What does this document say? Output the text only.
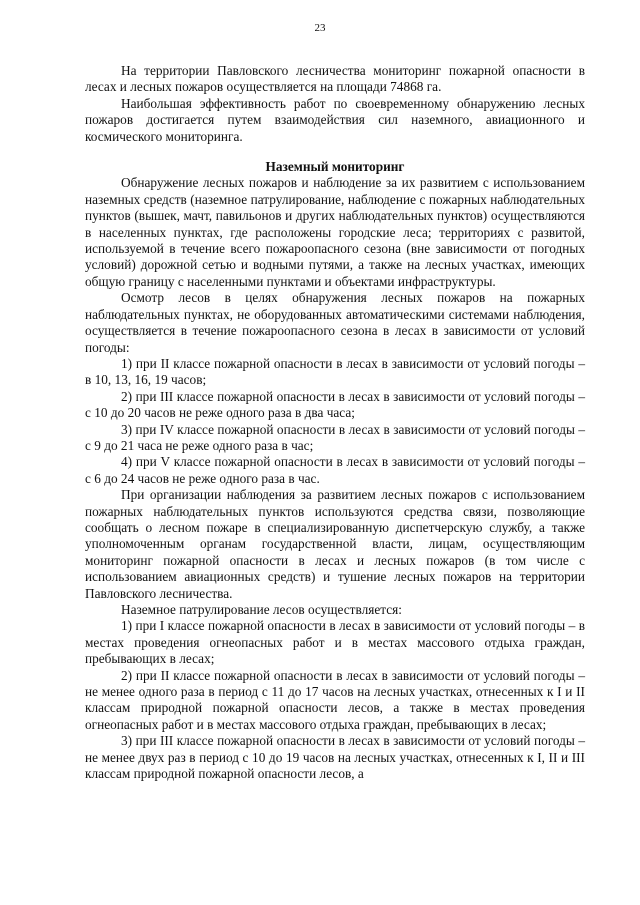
23

На территории Павловского лесничества мониторинг пожарной опасности в лесах и лесных пожаров осуществляется на площади 74868 га.

Наибольшая эффективность работ по своевременному обнаружению лесных пожаров достигается путем взаимодействия сил наземного, авиационного и космического мониторинга.

Наземный мониторинг

Обнаружение лесных пожаров и наблюдение за их развитием с использованием наземных средств (наземное патрулирование, наблюдение с пожарных наблюдательных пунктов (вышек, мачт, павильонов и других наблюдательных пунктов) осуществляются в населенных пунктах, где расположены городские леса; территориях с развитой, используемой в течение всего пожароопасного сезона (вне зависимости от погодных условий) дорожной сетью и водными путями, а также на лесных участках, имеющих общую границу с населенными пунктами и объектами инфраструктуры.

Осмотр лесов в целях обнаружения лесных пожаров на пожарных наблюдательных пунктах, не оборудованных автоматическими системами наблюдения, осуществляется в течение пожароопасного сезона в лесах в зависимости от условий погоды:

1) при II классе пожарной опасности в лесах в зависимости от условий погоды – в 10, 13, 16, 19 часов;

2) при III классе пожарной опасности в лесах в зависимости от условий погоды – с 10 до 20 часов не реже одного раза в два часа;

3) при IV классе пожарной опасности в лесах в зависимости от условий погоды – с 9 до 21 часа не реже одного раза в час;

4) при V классе пожарной опасности в лесах в зависимости от условий погоды – с 6 до 24 часов не реже одного раза в час.

При организации наблюдения за развитием лесных пожаров с использованием пожарных наблюдательных пунктов используются средства связи, позволяющие сообщать о лесном пожаре в специализированную диспетчерскую службу, а также уполномоченным органам государственной власти, лицам, осуществляющим мониторинг пожарной опасности в лесах и лесных пожаров (в том числе с использованием авиационных средств) и тушение лесных пожаров на территории Павловского лесничества.

Наземное патрулирование лесов осуществляется:

1) при I классе пожарной опасности в лесах в зависимости от условий погоды – в местах проведения огнеопасных работ и в местах массового отдыха граждан, пребывающих в лесах;

2) при II классе пожарной опасности в лесах в зависимости от условий погоды – не менее одного раза в период с 11 до 17 часов на лесных участках, отнесенных к I и II классам природной пожарной опасности лесов, а также в местах проведения огнеопасных работ и в местах массового отдыха граждан, пребывающих в лесах;

3) при III классе пожарной опасности в лесах в зависимости от условий погоды – не менее двух раз в период с 10 до 19 часов на лесных участках, отнесенных к I, II и III классам природной пожарной опасности лесов, а
